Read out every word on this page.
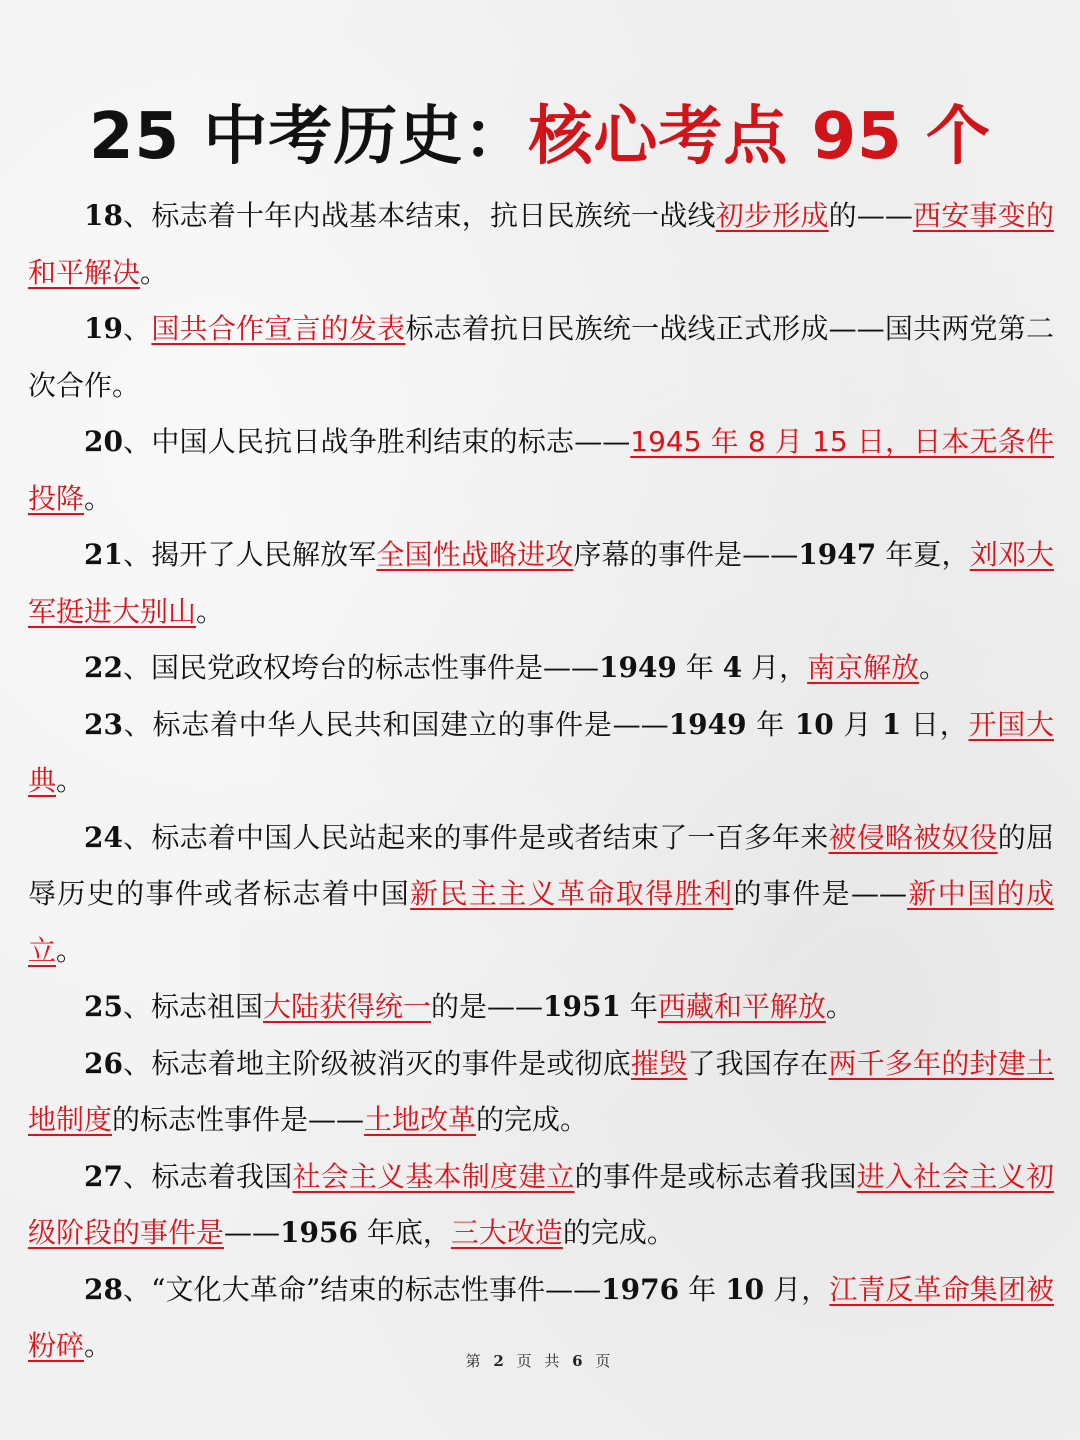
25 中考历史：核心考点 95 个

18、标志着十年内战基本结束，抗日民族统一战线初步形成的——西安事变的和平解决。

19、国共合作宣言的发表标志着抗日民族统一战线正式形成——国共两党第二次合作。

20、中国人民抗日战争胜利结束的标志——1945 年 8 月 15 日，日本无条件投降。

21、揭开了人民解放军全国性战略进攻序幕的事件是——1947 年夏，刘邓大军挺进大别山。

22、国民党政权垮台的标志性事件是——1949 年 4 月，南京解放。

23、标志着中华人民共和国建立的事件是——1949 年 10 月 1 日，开国大典。

24、标志着中国人民站起来的事件是或者结束了一百多年来被侵略被奴役的屈辱历史的事件或者标志着中国新民主主义革命取得胜利的事件是——新中国的成立。

25、标志祖国大陆获得统一的是——1951 年西藏和平解放。

26、标志着地主阶级被消灭的事件是或彻底摧毁了我国存在两千多年的封建土地制度的标志性事件是——土地改革的完成。

27、标志着我国社会主义基本制度建立的事件是或标志着我国进入社会主义初级阶段的事件是——1956 年底，三大改造的完成。

28、“文化大革命”结束的标志性事件——1976 年 10 月，江青反革命集团被粉碎。	第 2 页 共 6 页
